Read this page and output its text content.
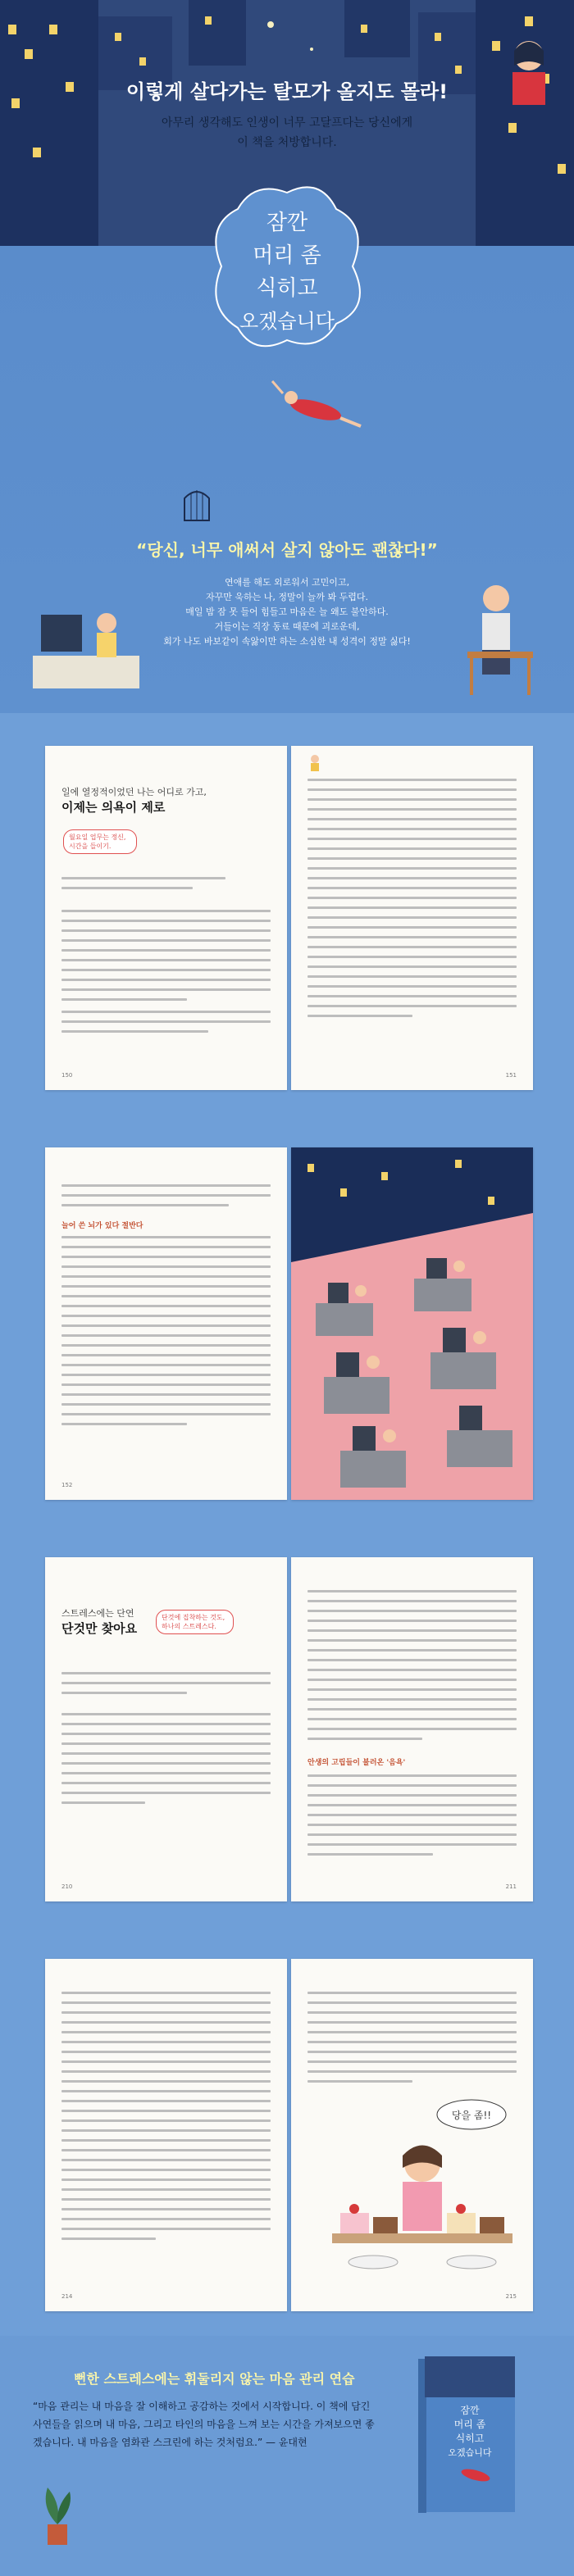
이렇게 살다가는 탈모가 올지도 몰라!
아무리 생각해도 인생이 너무 고달프다는 당신에게
이 책을 처방합니다.
잠깐
머리 좀
식히고
오겠습니다
“당신, 너무 애써서 살지 않아도 괜찮다!”
연애를 해도 외로워서 고민이고,
자꾸만 욱하는 나, 정말이 늘까 봐 두렵다.
매일 밤 잠 못 들어 힘들고 마음은 늘 왜도 불안하다.
거들이는 직장 동료 때문에 괴로운데,
회가 나도 바보같이 속앓이만 하는 소심한 내 성격이 정말 싫다!
일에 열정적이었던 나는 어디로 가고,
이제는 의욕이 제로
월요일 업무는 정신, 시간을 들이기.
150	151
늘어 쓴 뇌가 있다 절반다
152
스트레스에는 단연
단것만 찾아요
단것에 집착하는 것도, 하나의 스트레스다.
210
안생의 고립들이 불러온 '음욕'
211
214
당을 좀!!
215
뻔한 스트레스에는 휘둘리지 않는 마음 관리 연습
“마음 관리는 내 마음을 잘 이해하고 공감하는 것에서 시작합니다. 이 책에 담긴
사연들을 읽으며 내 마음, 그리고 타인의 마음을 느껴 보는 시간을 가져보으면 좋
겠습니다. 내 마음을 염화관 스크린에 하는 것처럼요.” — 윤대현
잠깐
머리 좀
식히고
오겠습니다
